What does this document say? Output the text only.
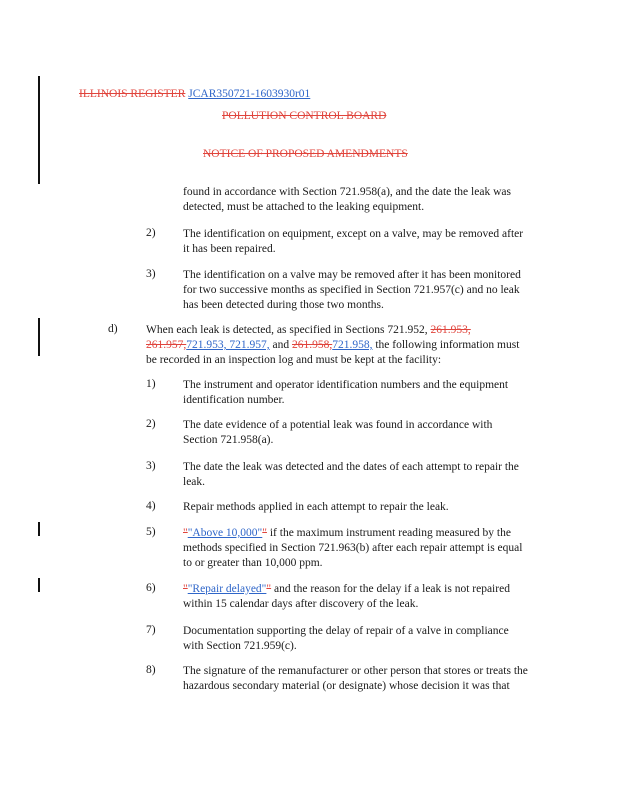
ILLINOIS REGISTER JCAR350721-1603930r01
POLLUTION CONTROL BOARD
NOTICE OF PROPOSED AMENDMENTS
found in accordance with Section 721.958(a), and the date the leak was
detected, must be attached to the leaking equipment.
2) The identification on equipment, except on a valve, may be removed after
it has been repaired.
3) The identification on a valve may be removed after it has been monitored
for two successive months as specified in Section 721.957(c) and no leak
has been detected during those two months.
d) When each leak is detected, as specified in Sections 721.952, 261.953,
261.957,721.953, 721.957, and 261.958,721.958, the following information must
be recorded in an inspection log and must be kept at the facility:
1) The instrument and operator identification numbers and the equipment
identification number.
2) The date evidence of a potential leak was found in accordance with
Section 721.958(a).
3) The date the leak was detected and the dates of each attempt to repair the
leak.
4) Repair methods applied in each attempt to repair the leak.
5) ""Above 10,000"" if the maximum instrument reading measured by the
methods specified in Section 721.963(b) after each repair attempt is equal
to or greater than 10,000 ppm.
6) ""Repair delayed"" and the reason for the delay if a leak is not repaired
within 15 calendar days after discovery of the leak.
7) Documentation supporting the delay of repair of a valve in compliance
with Section 721.959(c).
8) The signature of the remanufacturer or other person that stores or treats the
hazardous secondary material (or designate) whose decision it was that
